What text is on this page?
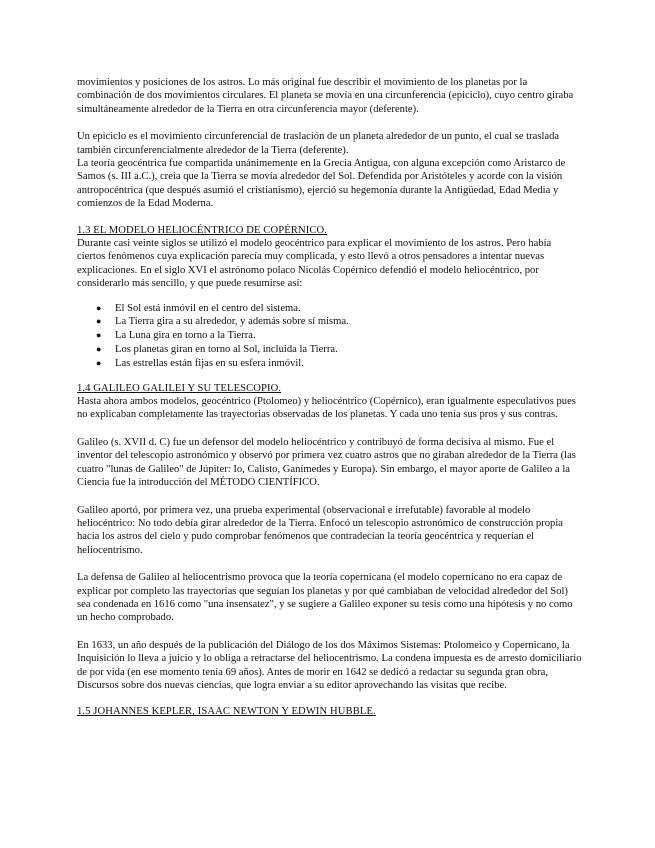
movimientos y posiciones de los astros. Lo más original fue describir el movimiento de los planetas por la combinación de dos movimientos circulares. El planeta se movía en una circunferencia (epiciclo), cuyo centro giraba simultáneamente alrededor de la Tierra en otra circunferencia mayor (deferente).

Un epiciclo es el movimiento circunferencial de traslación de un planeta alrededor de un punto, el cual se traslada también circunferencialmente alrededor de la Tierra (deferente).

La teoría geocéntrica fue compartida unánimemente en la Grecia Antigua, con alguna excepción como Aristarco de Samos (s. III a.C.), creía que la Tierra se movía alrededor del Sol. Defendida por Aristóteles y acorde con la visión antropocéntrica (que después asumió el cristianismo), ejerció su hegemonía durante la Antigüedad, Edad Media y comienzos de la Edad Moderna.

1.3 EL MODELO HELIOCÉNTRICO DE COPÉRNICO.

Durante casi veinte siglos se utilizó el modelo geocéntrico para explicar el movimiento de los astros. Pero había ciertos fenómenos cuya explicación parecía muy complicada, y esto llevó a otros pensadores a intentar nuevas explicaciones. En el siglo XVI el astrónomo polaco Nicolás Copérnico defendió el modelo heliocéntrico, por considerarlo más sencillo, y que puede resumirse así:

● El Sol está inmóvil en el centro del sistema.
● La Tierra gira a su alrededor, y además sobre sí misma.
● La Luna gira en torno a la Tierra.
● Los planetas giran en torno al Sol, incluida la Tierra.
● Las estrellas están fijas en su esfera inmóvil.

1.4 GALILEO GALILEI Y SU TELESCOPIO.

Hasta ahora ambos modelos, geocéntrico (Ptolomeo) y heliocéntrico (Copérnico), eran igualmente especulativos pues no explicaban completamente las trayectorias observadas de los planetas. Y cada uno tenía sus pros y sus contras.

Galileo (s. XVII d. C) fue un defensor del modelo heliocéntrico y contribuyó de forma decisiva al mismo. Fue el inventor del telescopio astronómico y observó por primera vez cuatro astros que no giraban alrededor de la Tierra (las cuatro "lunas de Galileo" de Júpiter: Io, Calisto, Ganímedes y Europa). Sin embargo, el mayor aporte de Galileo a la Ciencia fue la introducción del MÉTODO CIENTÍFICO.

Galileo aportó, por primera vez, una prueba experimental (observacional e irrefutable) favorable al modelo heliocéntrico: No todo debía girar alrededor de la Tierra. Enfocó un telescopio astronómico de construcción propia hacia los astros del cielo y pudo comprobar fenómenos que contradecían la teoría geocéntrica y requerían el heliocentrismo.

La defensa de Galileo al heliocentrismo provoca que la teoría copernicana (el modelo copernicano no era capaz de explicar por completo las trayectorias que seguían los planetas y por qué cambiaban de velocidad alrededor del Sol) sea condenada en 1616 como "una insensatez", y se sugiere a Galileo exponer su tesis como una hipótesis y no como un hecho comprobado.

En 1633, un año después de la publicación del Diálogo de los dos Máximos Sistemas: Ptolomeico y Copernicano, la Inquisición lo lleva a juicio y lo obliga a retractarse del heliocentrismo. La condena impuesta es de arresto domiciliario de por vida (en ese momento tenía 69 años). Antes de morir en 1642 se dedicó a redactar su segunda gran obra, Discursos sobre dos nuevas ciencias, que logra enviar a su editor aprovechando las visitas que recibe.

1.5 JOHANNES KEPLER, ISAAC NEWTON Y EDWIN HUBBLE.
